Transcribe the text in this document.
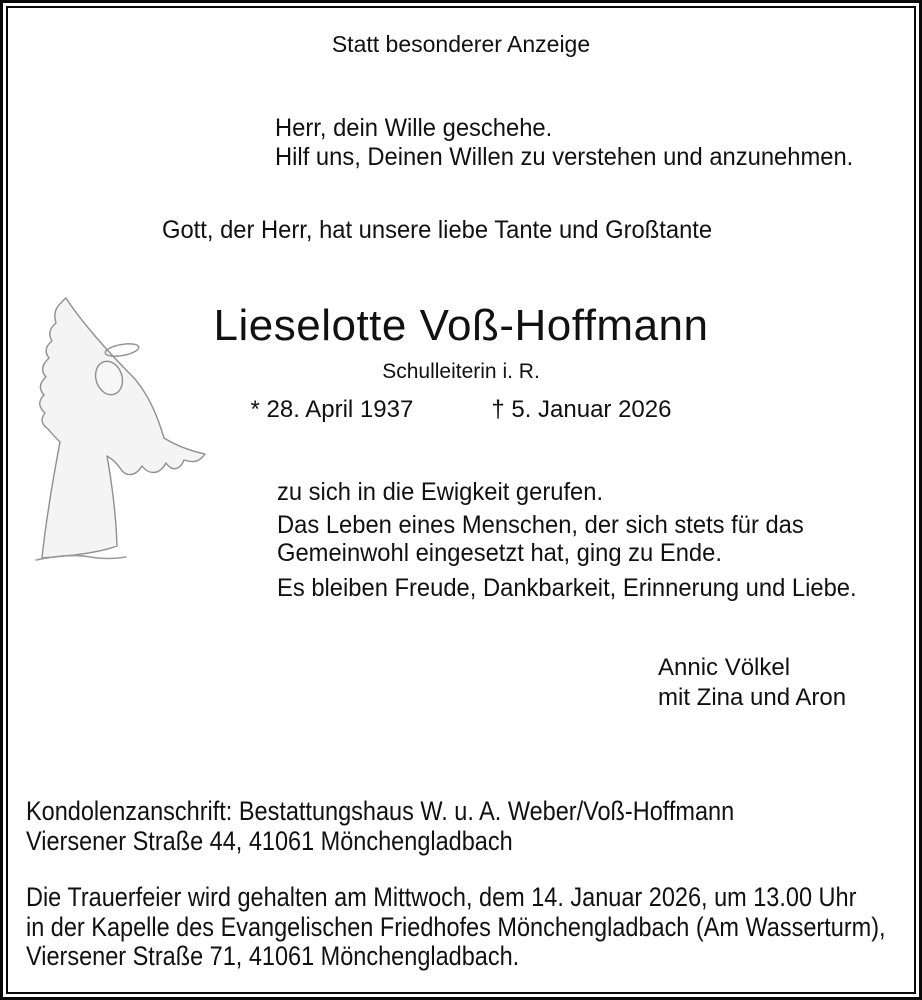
Statt besonderer Anzeige
Herr, dein Wille geschehe.
Hilf uns, Deinen Willen zu verstehen und anzunehmen.
Gott, der Herr, hat unsere liebe Tante und Großtante
Lieselotte Voß-Hoffmann
Schulleiterin i. R.
* 28. April 1937	† 5. Januar 2026
zu sich in die Ewigkeit gerufen.
Das Leben eines Menschen, der sich stets für das
Gemeinwohl eingesetzt hat, ging zu Ende.
Es bleiben Freude, Dankbarkeit, Erinnerung und Liebe.
Annic Völkel
mit Zina und Aron
Kondolenzanschrift: Bestattungshaus W. u. A. Weber/Voß-Hoffmann
Viersener Straße 44, 41061 Mönchengladbach
Die Trauerfeier wird gehalten am Mittwoch, dem 14. Januar 2026, um 13.00 Uhr
in der Kapelle des Evangelischen Friedhofes Mönchengladbach (Am Wasserturm),
Viersener Straße 71, 41061 Mönchengladbach.
